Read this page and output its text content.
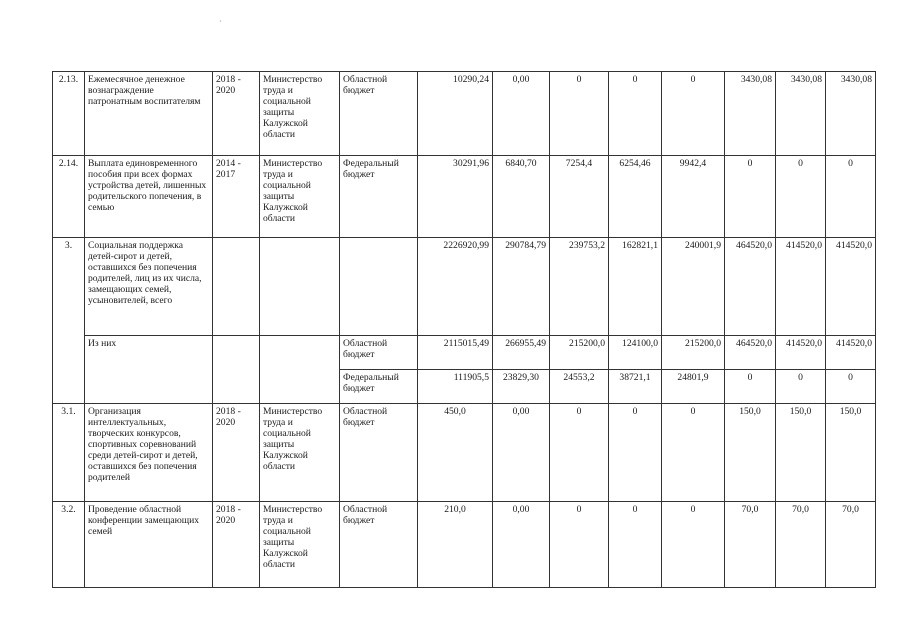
·
2.13.	Ежемесячное денежное вознаграждение патронатным воспитателям	2018 - 2020	Министерство труда и социальной защиты Калужской области	Областной бюджет	10290,24	0,00	0	0	0	3430,08	3430,08	3430,08
2.14.	Выплата единовременного пособия при всех формах устройства детей, лишенных родительского попечения, в семью	2014 - 2017	Министерство труда и социальной защиты Калужской области	Федеральный бюджет	30291,96	6840,70	7254,4	6254,46	9942,4	0	0	0
3.	Социальная поддержка детей-сирот и детей, оставшихся без попечения родителей, лиц из их числа, замещающих семей, усыновителей, всего				2226920,99	290784,79	239753,2	162821,1	240001,9	464520,0	414520,0	414520,0
	Из них			Областной бюджет	2115015,49	266955,49	215200,0	124100,0	215200,0	464520,0	414520,0	414520,0
				Федеральный бюджет	111905,5	23829,30	24553,2	38721,1	24801,9	0	0	0
3.1.	Организация интеллектуальных, творческих конкурсов, спортивных соревнований среди детей-сирот и детей, оставшихся без попечения родителей	2018 - 2020	Министерство труда и социальной защиты Калужской области	Областной бюджет	450,0	0,00	0	0	0	150,0	150,0	150,0
3.2.	Проведение областной конференции замещающих семей	2018 - 2020	Министерство труда и социальной защиты Калужской области	Областной бюджет	210,0	0,00	0	0	0	70,0	70,0	70,0
